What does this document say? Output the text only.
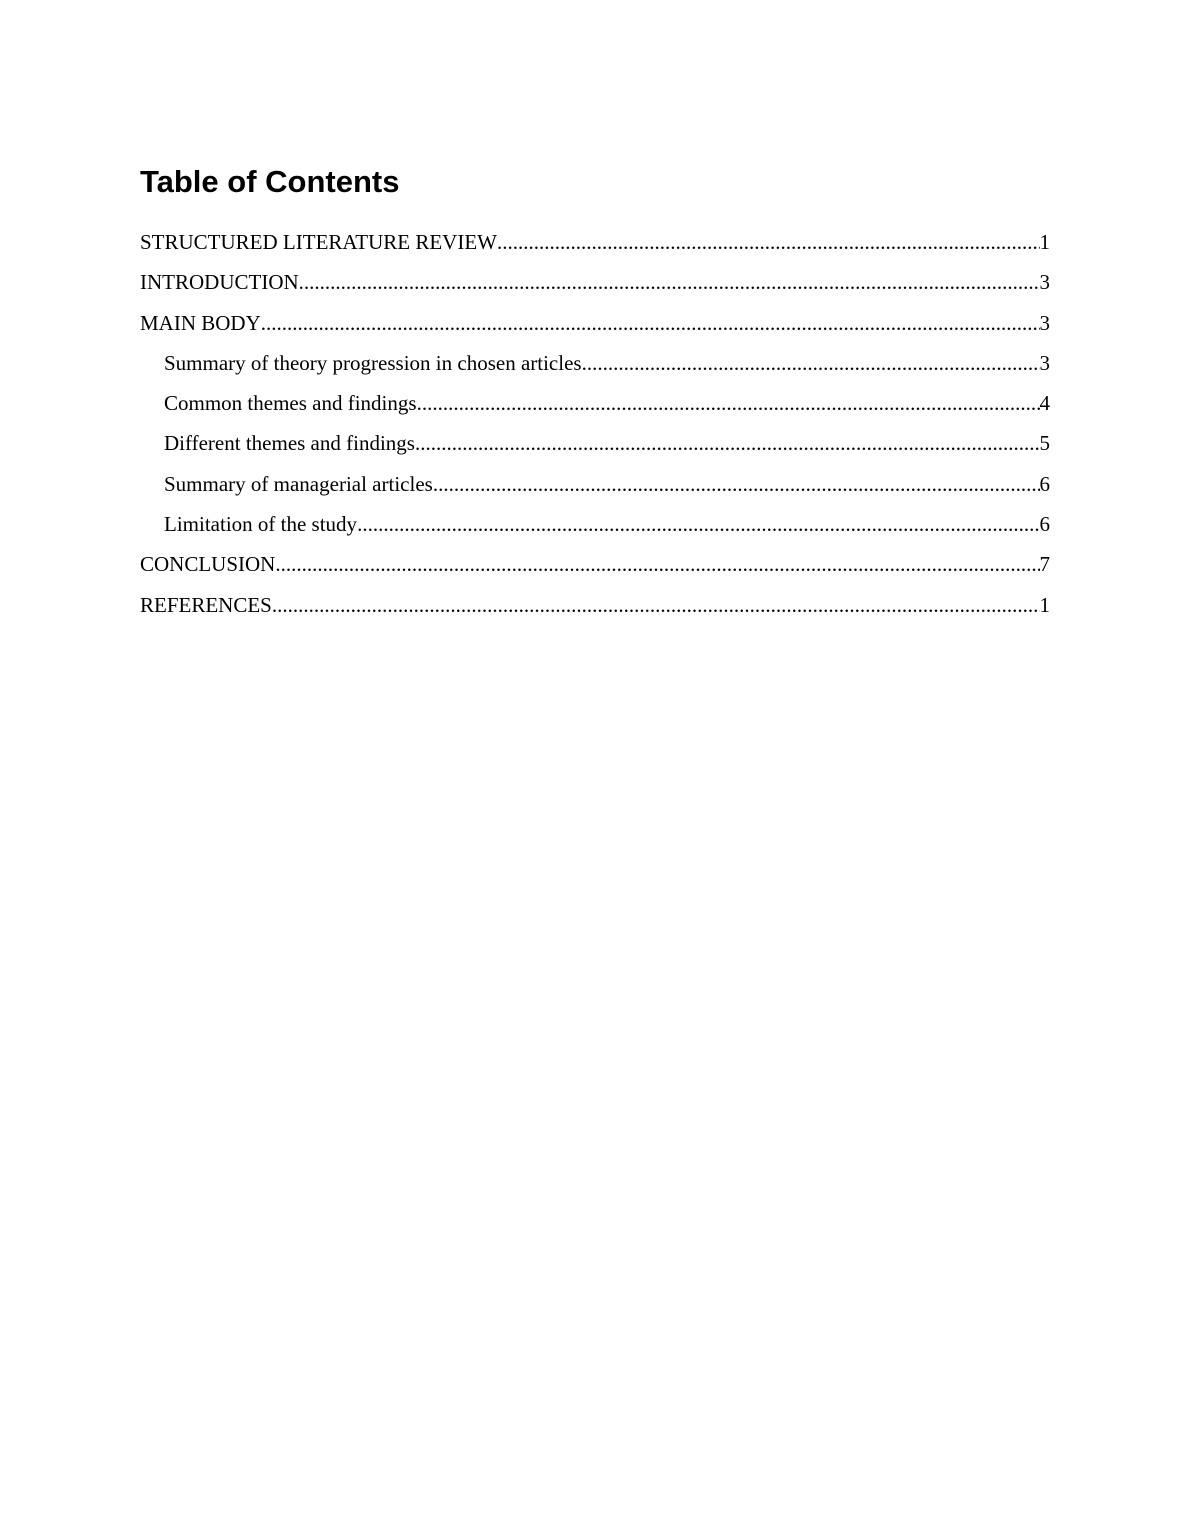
Table of Contents
STRUCTURED LITERATURE REVIEW .....	1
INTRODUCTION .....	3
MAIN BODY .....	3
Summary of theory progression in chosen articles .....	3
Common themes and findings .....	4
Different themes and findings .....	5
Summary of managerial articles .....	6
Limitation of the study .....	6
CONCLUSION .....	7
REFERENCES .....	1
